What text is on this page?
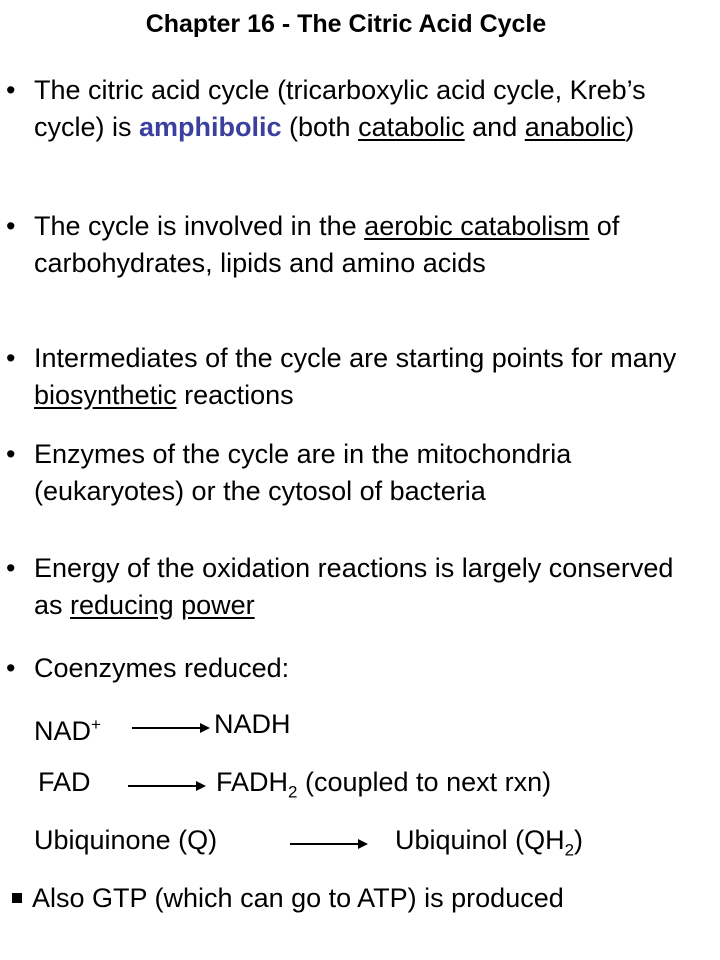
Chapter 16 - The Citric Acid Cycle
• The citric acid cycle (tricarboxylic acid cycle, Kreb’s cycle) is amphibolic (both catabolic and anabolic)
• The cycle is involved in the aerobic catabolism of carbohydrates, lipids and amino acids
• Intermediates of the cycle are starting points for many biosynthetic reactions
• Enzymes of the cycle are in the mitochondria (eukaryotes) or the cytosol of bacteria
• Energy of the oxidation reactions is largely conserved as reducing power
• Coenzymes reduced:
NAD+	NADH
FAD	$FADH_2$ (coupled to next rxn)
Ubiquinone (Q)	Ubiquinol $(QH_2)$
Also GTP (which can go to ATP) is produced
